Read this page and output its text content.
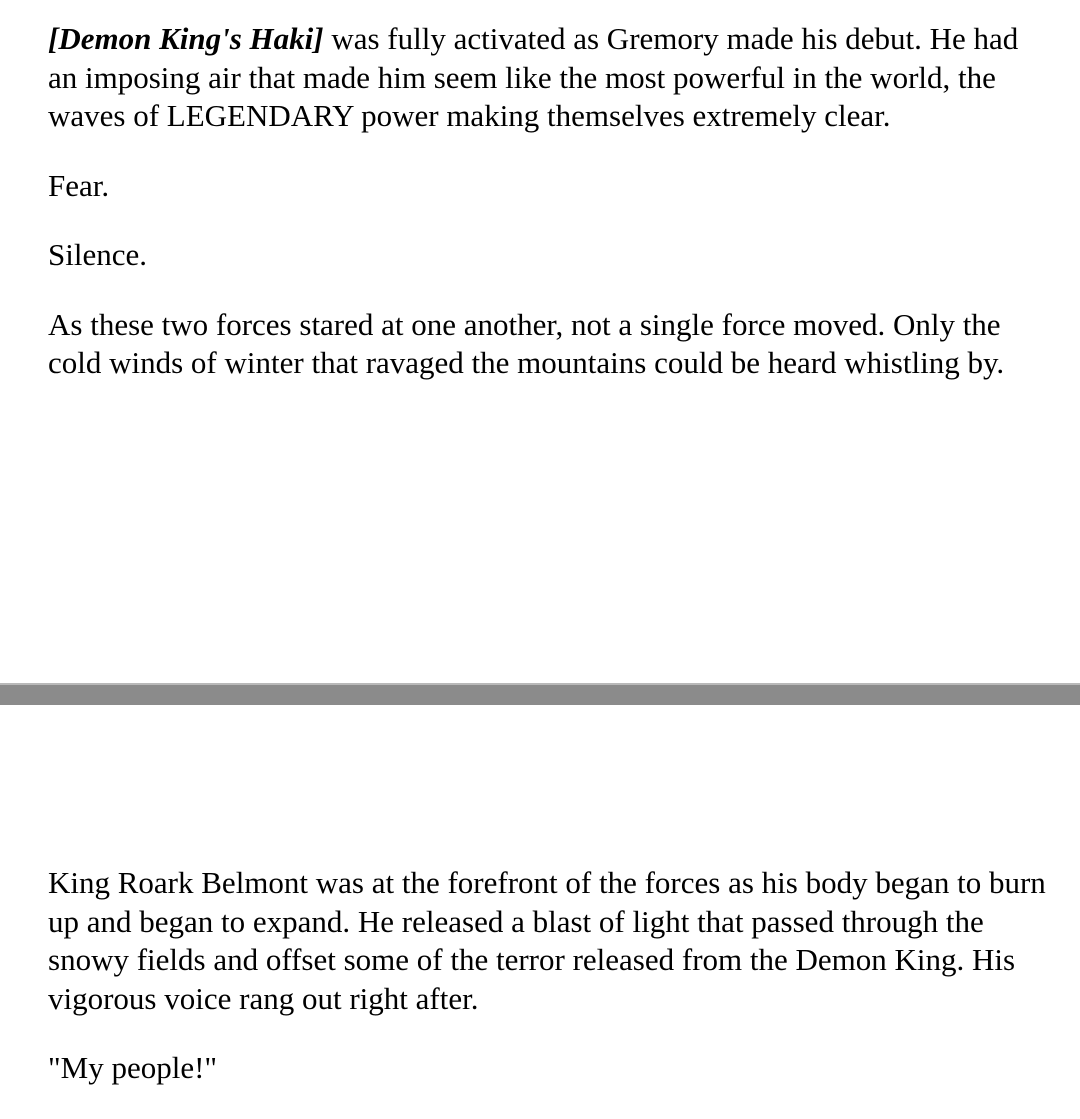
[Demon King's Haki] was fully activated as Gremory made his debut. He had an imposing air that made him seem like the most powerful in the world, the waves of LEGENDARY power making themselves extremely clear.

Fear.

Silence.

As these two forces stared at one another, not a single force moved. Only the cold winds of winter that ravaged the mountains could be heard whistling by.

King Roark Belmont was at the forefront of the forces as his body began to burn up and began to expand. He released a blast of light that passed through the snowy fields and offset some of the terror released from the Demon King. His vigorous voice rang out right after.

"My people!"
